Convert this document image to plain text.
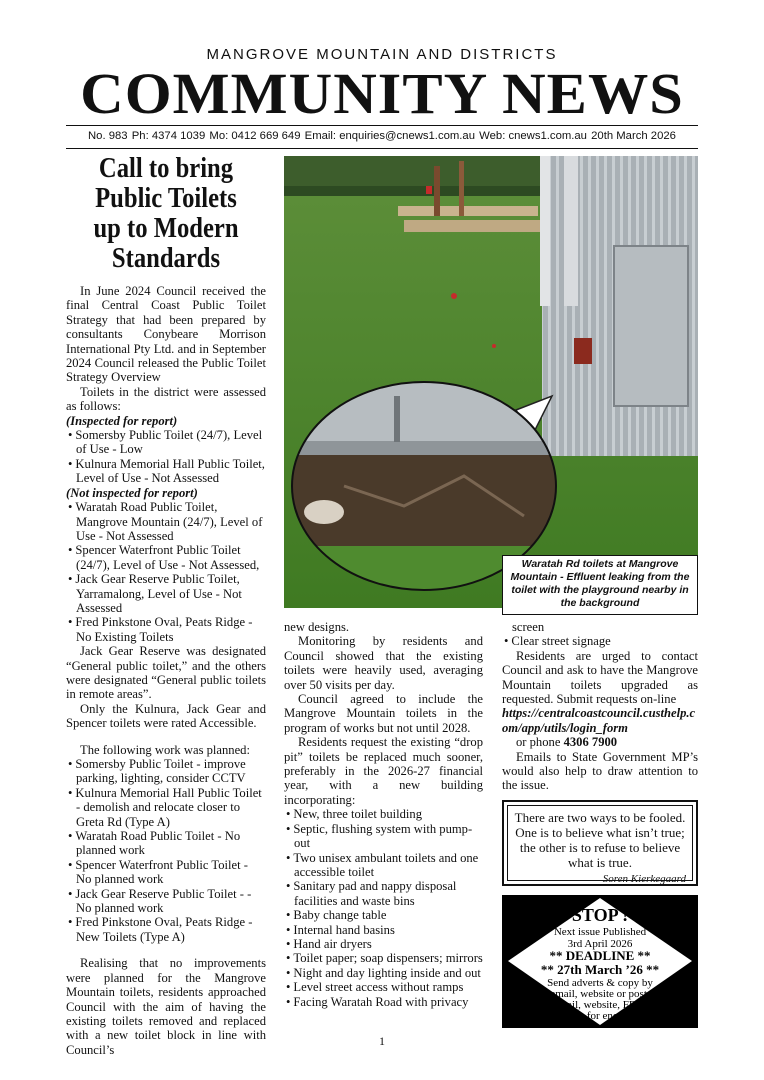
MANGROVE MOUNTAIN AND DISTRICTS
COMMUNITY NEWS
No. 983 Ph: 4374 1039 Mo: 0412 669 649 Email: enquiries@cnews1.com.au Web: cnews1.com.au 20th March 2026
Call to bring
Public Toilets
up to Modern
Standards

In June 2024 Council received the final Central Coast Public Toilet Strategy that had been prepared by consultants Conybeare Morrison International Pty Ltd. and in September 2024 Council released the Public Toilet Strategy Overview

Toilets in the district were assessed as follows:

(Inspected for report)

• Somersby Public Toilet (24/7), Level of Use - Low
• Kulnura Memorial Hall Public Toilet, Level of Use - Not Assessed

(Not inspected for report)

• Waratah Road Public Toilet, Mangrove Mountain (24/7), Level of Use - Not Assessed
• Spencer Waterfront Public Toilet (24/7), Level of Use - Not Assessed,
• Jack Gear Reserve Public Toilet, Yarramalong, Level of Use - Not Assessed
• Fred Pinkstone Oval, Peats Ridge - No Existing Toilets

Jack Gear Reserve was designated “General public toilet,” and the others were designated “General public toilets in remote areas”.

Only the Kulnura, Jack Gear and Spencer toilets were rated Accessible.

The following work was planned:

• Somersby Public Toilet - improve parking, lighting, consider CCTV
• Kulnura Memorial Hall Public Toilet - demolish and relocate closer to Greta Rd (Type A)
• Waratah Road Public Toilet - No planned work
• Spencer Waterfront Public Toilet - No planned work
• Jack Gear Reserve Public Toilet - - No planned work
• Fred Pinkstone Oval, Peats Ridge - New Toilets (Type A)

Realising that no improvements were planned for the Mangrove Mountain toilets, residents approached Council with the aim of having the existing toilets removed and replaced with a new toilet block in line with Council’s

Waratah Rd toilets at Mangrove Mountain - Effluent leaking from the toilet with the playground nearby in the background

new designs.

Monitoring by residents and Council showed that the existing toilets were heavily used, averaging over 50 visits per day.

Council agreed to include the Mangrove Mountain toilets in the program of works but not until 2028.

Residents request the existing “drop pit” toilets be replaced much sooner, preferably in the 2026-27 financial year, with a new building incorporating:

• New, three toilet building
• Septic, flushing system with pump-out
• Two unisex ambulant toilets and one accessible toilet
• Sanitary pad and nappy disposal facilities and waste bins
• Baby change table
• Internal hand basins
• Hand air dryers
• Toilet paper; soap dispensers; mirrors
• Night and day lighting inside and out
• Level street access without ramps
• Facing Waratah Road with privacy

screen

• Clear street signage

Residents are urged to contact Council and ask to have the Mangrove Mountain toilets upgraded as requested. Submit requests on-line

https://centralcoastcouncil.custhelp.com/app/utils/login_form

or phone 4306 7900

Emails to State Government MP’s would also help to draw attention to the issue.

There are two ways to be fooled. One is to believe what isn’t true; the other is to refuse to believe what is true.
Soren Kierkegaard
STOP !
Next issue Published
3rd April 2026
** DEADLINE **
** 27th March ’26 **
Send adverts & copy by
email, website or post.
Email, website, FB or
phone for enquiries
1
